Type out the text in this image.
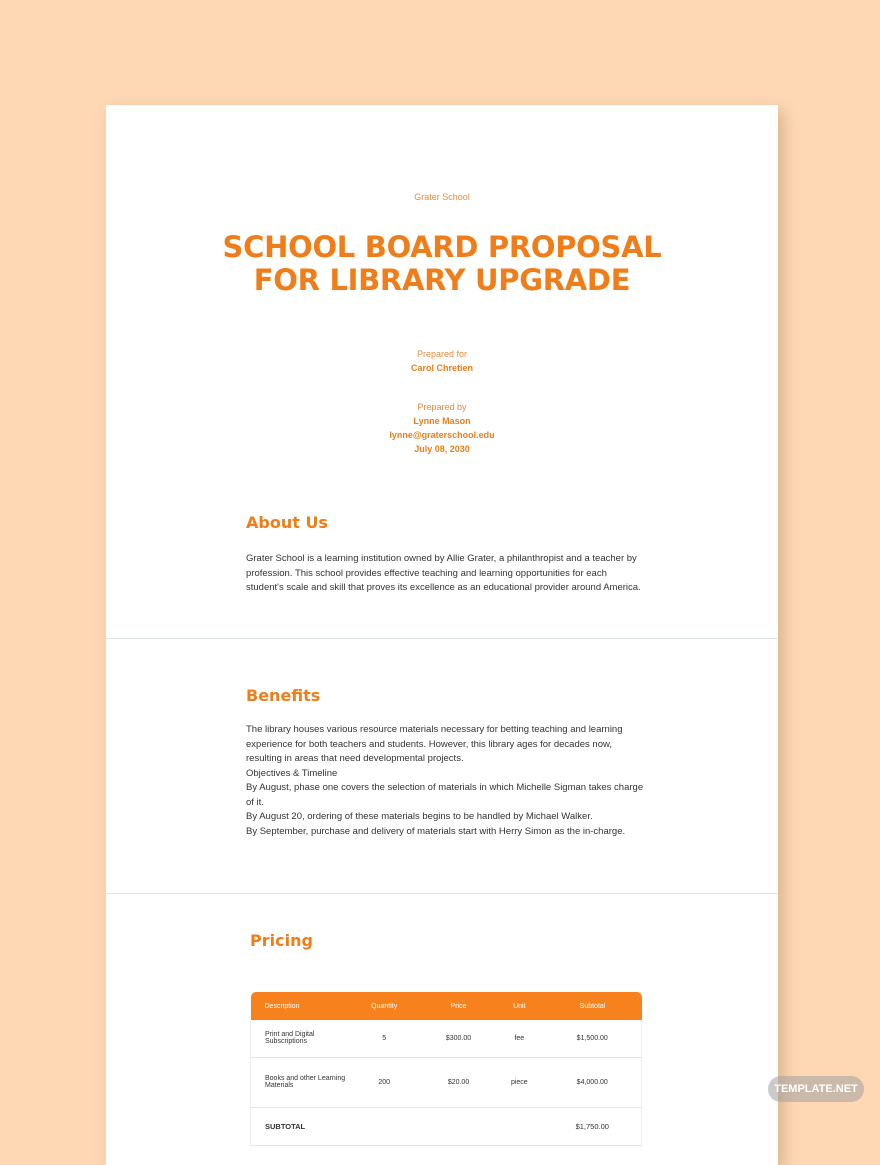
Grater School
SCHOOL BOARD PROPOSAL
FOR LIBRARY UPGRADE
Prepared for
Carol Chretien
Prepared by
Lynne Mason
lynne@graterschool.edu
July 08, 2030
About Us

Grater School is a learning institution owned by Allie Grater, a philanthropist and a teacher by profession. This school provides effective teaching and learning opportunities for each student's scale and skill that proves its excellence as an educational provider around America.

Benefits

The library houses various resource materials necessary for betting teaching and learning experience for both teachers and students. However, this library ages for decades now, resulting in areas that need developmental projects.

Objectives & Timeline

By August, phase one covers the selection of materials in which Michelle Sigman takes charge of it.

By August 20, ordering of these materials begins to be handled by Michael Walker.

By September, purchase and delivery of materials start with Herry Simon as the in-charge.

Pricing
Description	Quantity	Price	Unit	Subtotal
Print and Digital Subscriptions	5	$300.00	fee	$1,500.00
Books and other Learning Materials	200	$20.00	piece	$4,000.00
SUBTOTAL				$1,750.00
TEMPLATE.NET
